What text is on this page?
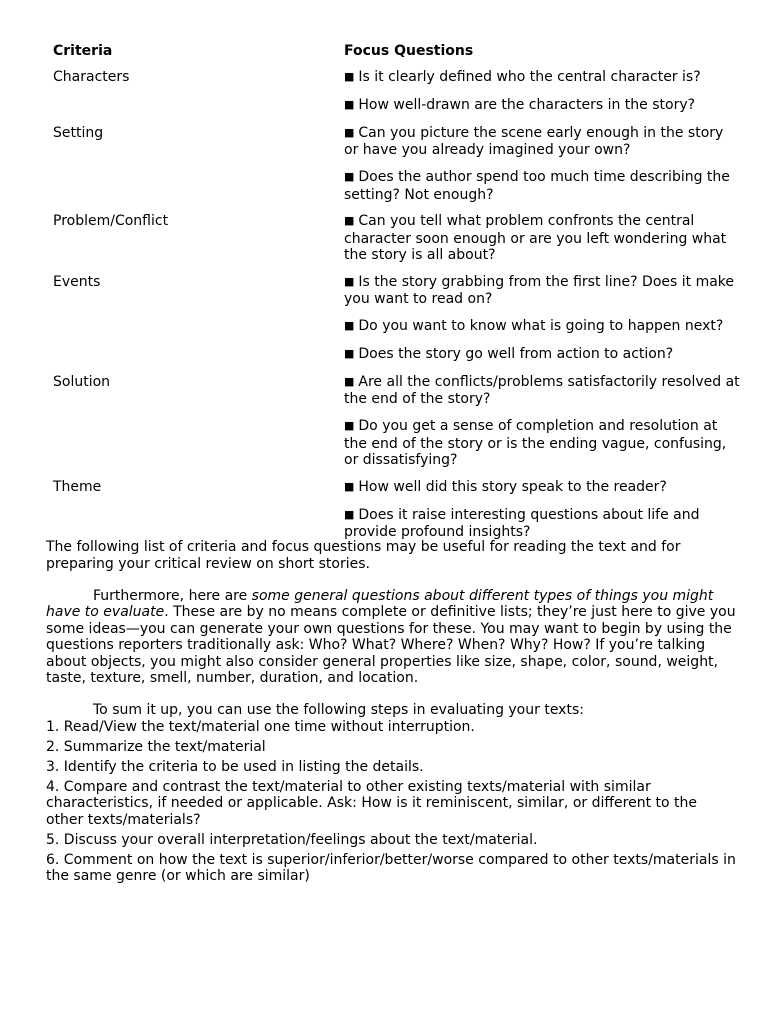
Criteria	Focus Questions
Characters	■ Is it clearly defined who the central character is?
■ How well-drawn are the characters in the story?
Setting	■ Can you picture the scene early enough in the story or have you already imagined your own?
■ Does the author spend too much time describing the setting? Not enough?
Problem/Conflict	■ Can you tell what problem confronts the central character soon enough or are you left wondering what the story is all about?
Events	■ Is the story grabbing from the first line? Does it make you want to read on?
■ Do you want to know what is going to happen next?
■ Does the story go well from action to action?
Solution	■ Are all the conflicts/problems satisfactorily resolved at the end of the story?
■ Do you get a sense of completion and resolution at the end of the story or is the ending vague, confusing, or dissatisfying?
Theme	■ How well did this story speak to the reader?
■ Does it raise interesting questions about life and provide profound insights?

The following list of criteria and focus questions may be useful for reading the text and for preparing your critical review on short stories.

Furthermore, here are some general questions about different types of things you might have to evaluate. These are by no means complete or definitive lists; they’re just here to give you some ideas—you can generate your own questions for these. You may want to begin by using the questions reporters traditionally ask: Who? What? Where? When? Why? How? If you’re talking about objects, you might also consider general properties like size, shape, color, sound, weight, taste, texture, smell, number, duration, and location.

To sum it up, you can use the following steps in evaluating your texts:

1. Read/View the text/material one time without interruption.
2. Summarize the text/material
3. Identify the criteria to be used in listing the details.
4. Compare and contrast the text/material to other existing texts/material with similar characteristics, if needed or applicable. Ask: How is it reminiscent, similar, or different to the other texts/materials?
5. Discuss your overall interpretation/feelings about the text/material.
6. Comment on how the text is superior/inferior/better/worse compared to other texts/materials in the same genre (or which are similar)
